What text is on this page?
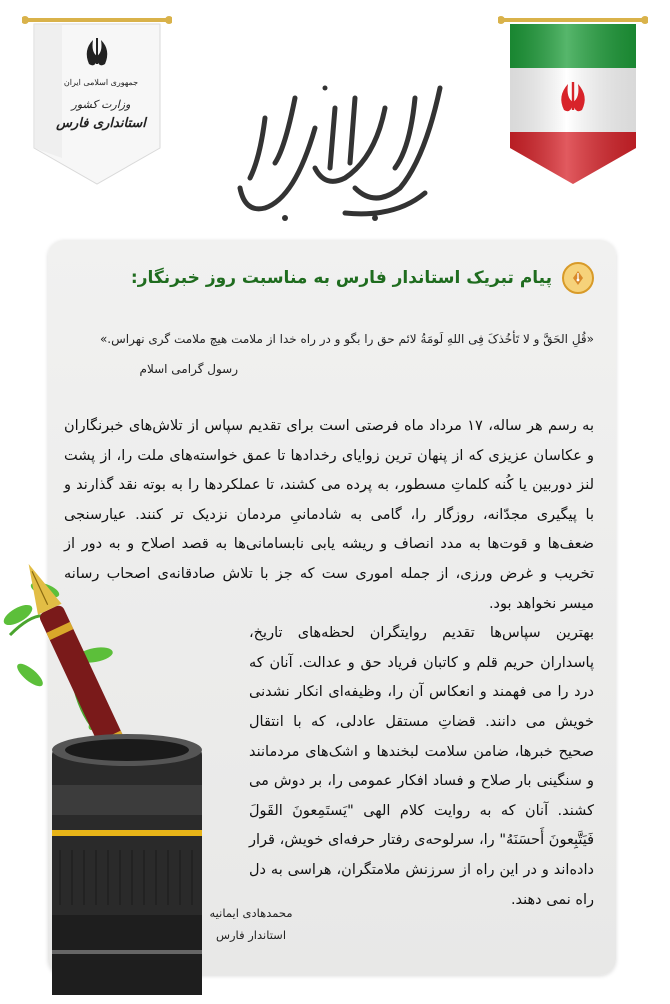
جمهوری اسلامی ایران
وزارت کشور
استانداری فارس
پیام تبریک استاندار فارس به مناسبت روز خبرنگار:
«قُلِ الحَقَّ و لا تَأخُذکَ فِی اللهِ لَومَةُ لائم حق را بگو و در راه خدا از ملامت هیچ ملامت گری نهراس.»
رسول گرامی اسلام

به رسم هر ساله، ۱۷ مرداد ماه فرصتی است برای تقدیم سپاس از تلاش‌های خبرنگاران و عکاسان عزیزی که از پنهان ترین زوایای رخدادها تا عمق خواسته‌های ملت را، از پشت لنز دوربین یا کُنه کلماتِ مسطور، به پرده می کشند، تا عملکردها را به بوته نقد گذارند و با پیگیری مجدّانه، روزگار را، گامی به شادمانیِ مردمان نزدیک تر کنند. عیارسنجی ضعف‌ها و قوت‌ها به مدد انصاف و ریشه یابی نابسامانی‌ها به قصد اصلاح و به دور از تخریب و غرض ورزی، از جمله اموری ست که جز با تلاش صادقانه‌ی اصحاب رسانه میسر نخواهد بود.

بهترین سپاس‌ها تقدیم روایتگران لحظه‌های تاریخ، پاسداران حریم قلم و کاتبان فریاد حق و عدالت. آنان که درد را می فهمند و انعکاس آن را، وظیفه‌ای انکار نشدنی خویش می دانند. قضاتِ مستقل عادلی، که با انتقال صحیح خبرها، ضامن سلامت لبخندها و اشک‌های مردمانند و سنگینی بار صلاح و فساد افکار عمومی را، بر دوش می کشند. آنان که به روایت کلام الهی "یَستَمِعونَ القَولَ فَیَتَّبِعونَ أَحسَنَهُ" را، سرلوحه‌ی رفتار حرفه‌ای خویش، قرار داده‌اند و در این راه از سرزنش ملامتگران، هراسی به دل راه نمی دهند.

محمدهادی ایمانیه
استاندار فارس
